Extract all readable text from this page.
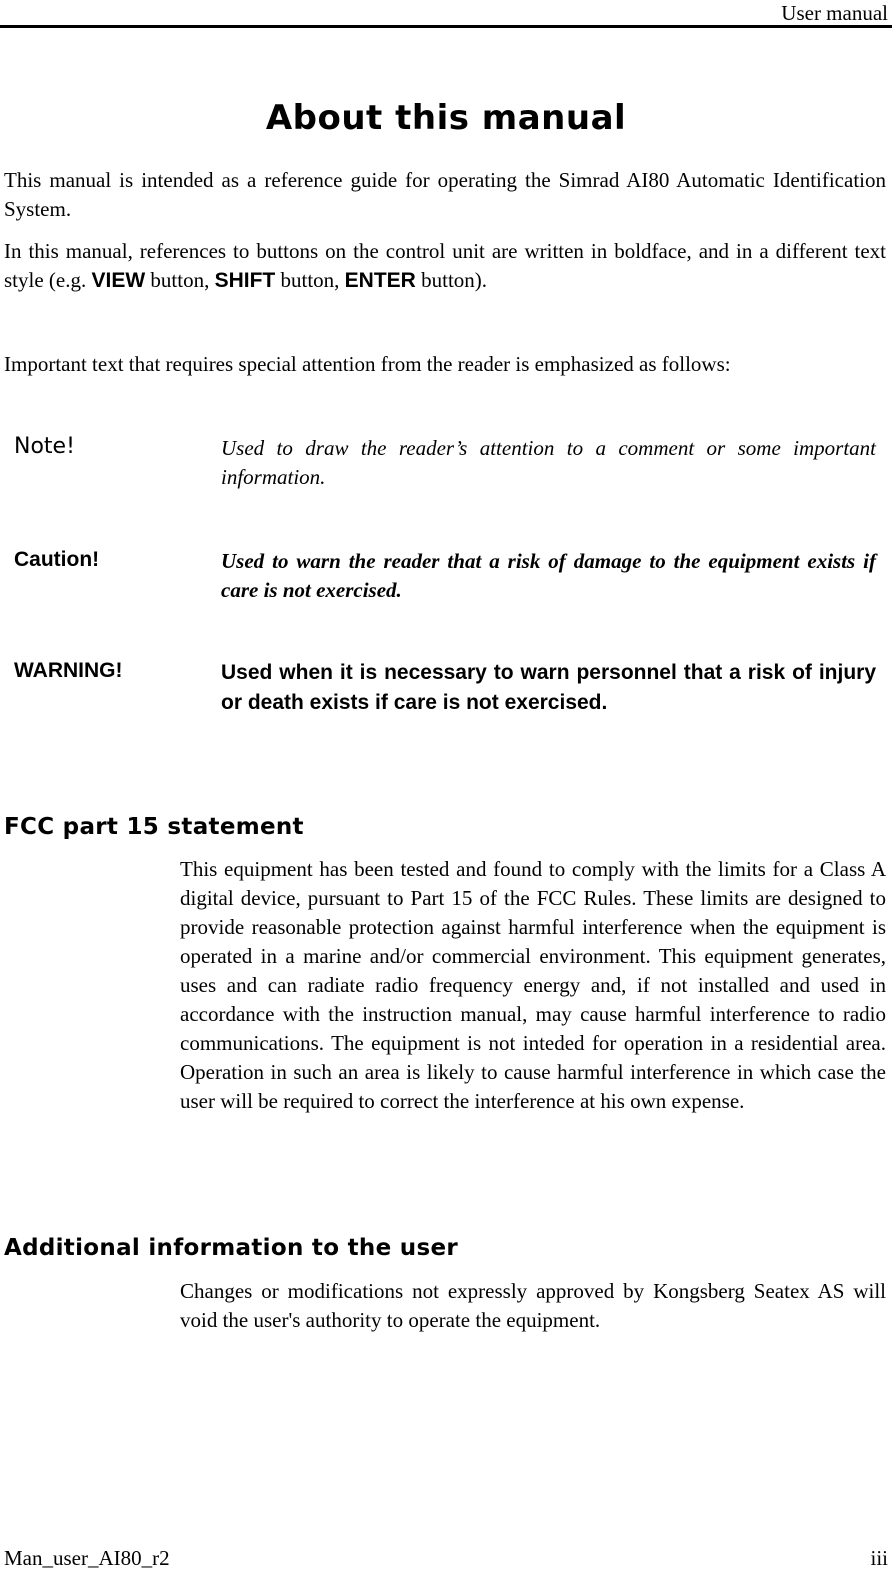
User manual
About this manual
This manual is intended as a reference guide for operating the Simrad AI80 Automatic Identification System.
In this manual, references to buttons on the control unit are written in boldface, and in a different text style (e.g. VIEW button, SHIFT button, ENTER button).
Important text that requires special attention from the reader is emphasized as follows:
Note!	Used to draw the reader’s attention to a comment or some important information.
Caution!	Used to warn the reader that a risk of damage to the equipment exists if care is not exercised.
WARNING!	Used when it is necessary to warn personnel that a risk of injury or death exists if care is not exercised.
FCC part 15 statement
This equipment has been tested and found to comply with the limits for a Class A digital device, pursuant to Part 15 of the FCC Rules. These limits are designed to provide reasonable protection against harmful interference when the equipment is operated in a marine and/or commercial environment. This equipment generates, uses and can radiate radio frequency energy and, if not installed and used in accordance with the instruction manual, may cause harmful interference to radio communications. The equipment is not inteded for operation in a residential area. Operation in such an area is likely to cause harmful interference in which case the user will be required to correct the interference at his own expense.
Additional information to the user
Changes or modifications not expressly approved by Kongsberg Seatex AS will void the user's authority to operate the equipment.
Man_user_AI80_r2	iii
